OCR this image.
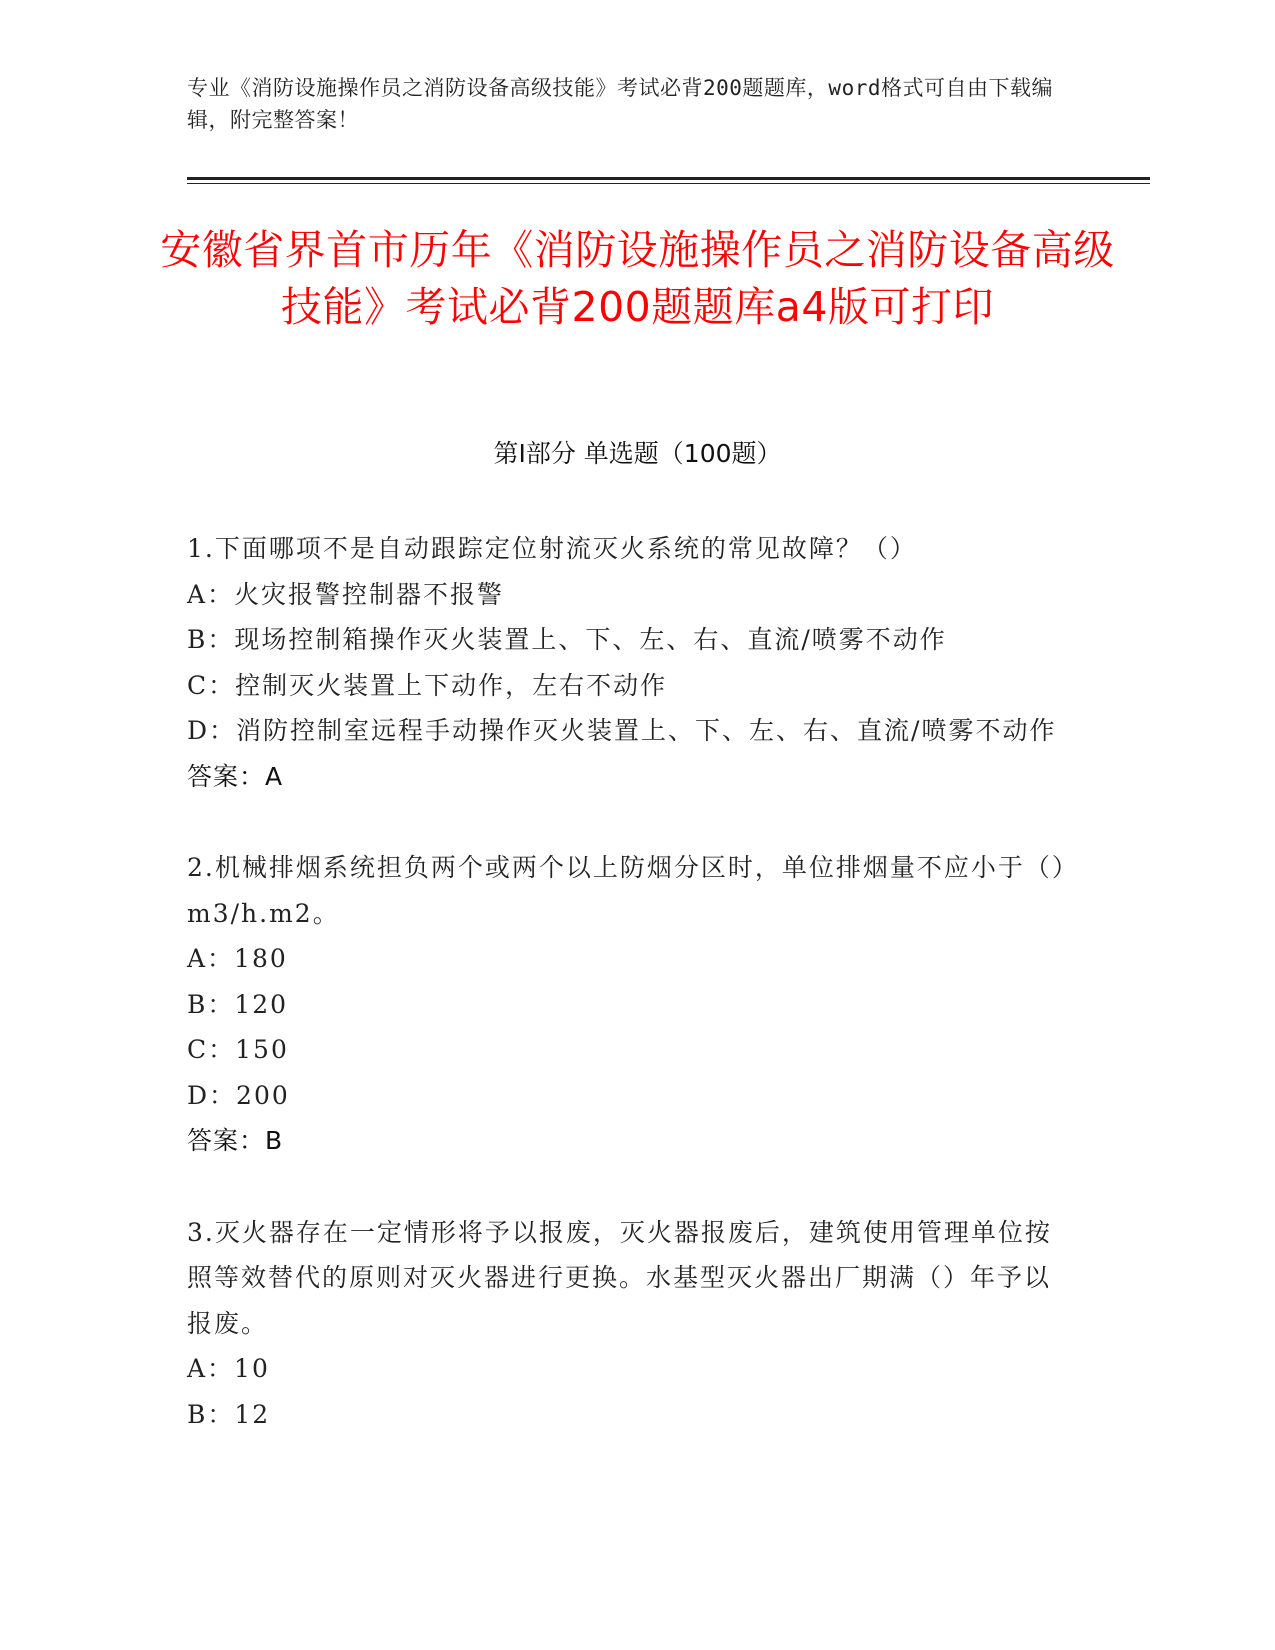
专业《消防设施操作员之消防设备高级技能》考试必背200题题库，word格式可自由下载编辑，附完整答案！
安徽省界首市历年《消防设施操作员之消防设备高级技能》考试必背200题题库a4版可打印
第I部分 单选题（100题）

1.下面哪项不是自动跟踪定位射流灭火系统的常见故障？（）

A：火灾报警控制器不报警

B：现场控制箱操作灭火装置上、下、左、右、直流/喷雾不动作

C：控制灭火装置上下动作，左右不动作

D：消防控制室远程手动操作灭火装置上、下、左、右、直流/喷雾不动作

答案：A

2.机械排烟系统担负两个或两个以上防烟分区时，单位排烟量不应小于（）m3/h.m2。

A：180

B：120

C：150

D：200

答案：B

3.灭火器存在一定情形将予以报废，灭火器报废后，建筑使用管理单位按照等效替代的原则对灭火器进行更换。水基型灭火器出厂期满（）年予以报废。

A：10

B：12
